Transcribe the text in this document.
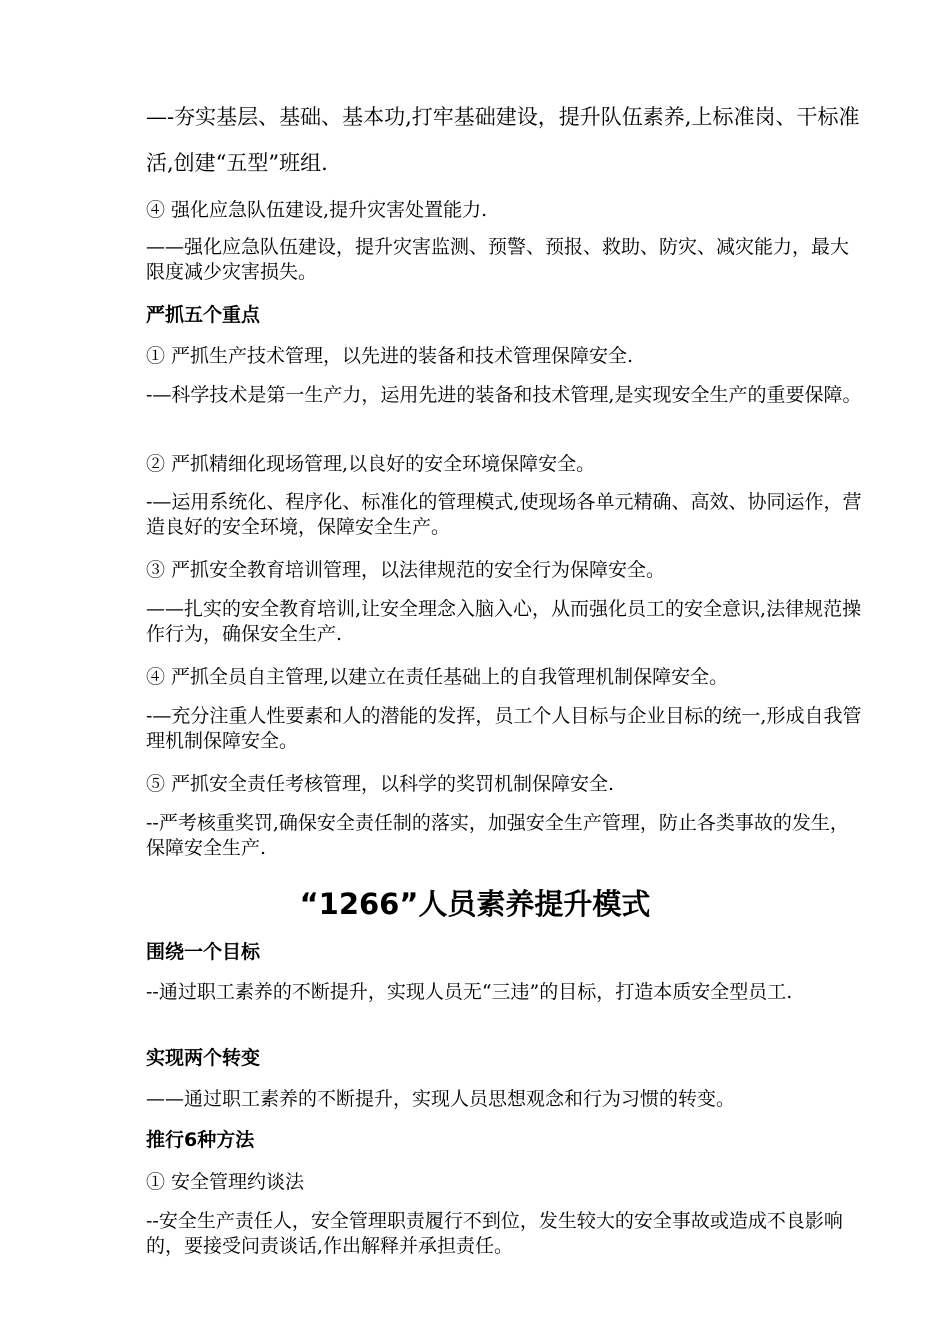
—-夯实基层、基础、基本功,打牢基础建设，提升队伍素养,上标准岗、干标准活,创建“五型”班组.

④ 强化应急队伍建设,提升灾害处置能力.

——强化应急队伍建设，提升灾害监测、预警、预报、救助、防灾、减灾能力，最大限度减少灾害损失。

严抓五个重点

① 严抓生产技术管理，以先进的装备和技术管理保障安全.

-—科学技术是第一生产力，运用先进的装备和技术管理,是实现安全生产的重要保障。

② 严抓精细化现场管理,以良好的安全环境保障安全。

-—运用系统化、程序化、标准化的管理模式,使现场各单元精确、高效、协同运作，营造良好的安全环境，保障安全生产。

③ 严抓安全教育培训管理，以法律规范的安全行为保障安全。

——扎实的安全教育培训,让安全理念入脑入心，从而强化员工的安全意识,法律规范操作行为，确保安全生产.

④ 严抓全员自主管理,以建立在责任基础上的自我管理机制保障安全。

-—充分注重人性要素和人的潜能的发挥，员工个人目标与企业目标的统一,形成自我管理机制保障安全。

⑤ 严抓安全责任考核管理，以科学的奖罚机制保障安全.

--严考核重奖罚,确保安全责任制的落实，加强安全生产管理，防止各类事故的发生，保障安全生产.

“1266”人员素养提升模式
围绕一个目标

--通过职工素养的不断提升，实现人员无“三违”的目标，打造本质安全型员工.

实现两个转变

——通过职工素养的不断提升，实现人员思想观念和行为习惯的转变。

推行6种方法

① 安全管理约谈法

--安全生产责任人，安全管理职责履行不到位，发生较大的安全事故或造成不良影响的，要接受问责谈话,作出解释并承担责任。
